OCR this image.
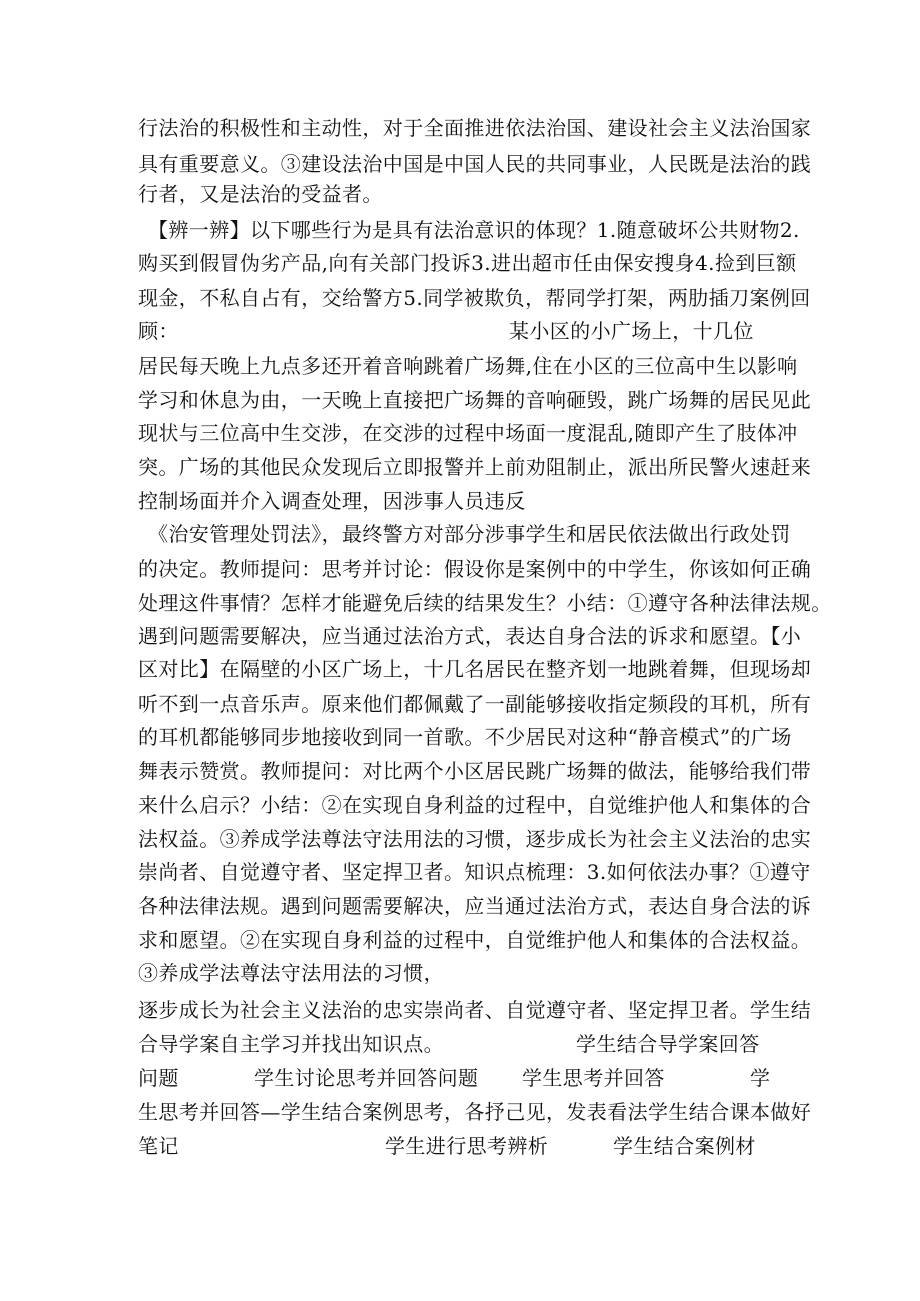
行法治的积极性和主动性，对于全面推进依法治国、建设社会主义法治国家
具有重要意义。③建设法治中国是中国人民的共同事业，人民既是法治的践
行者，又是法治的受益者。
【辨一辨】以下哪些行为是具有法治意识的体现？1.随意破坏公共财物2.
购买到假冒伪劣产品,向有关部门投诉3.进出超市任由保安搜身4.捡到巨额
现金，不私自占有，交给警方5.同学被欺负，帮同学打架，两肋插刀案例回
顾：	某小区的小广场上，十几位
居民每天晚上九点多还开着音响跳着广场舞,住在小区的三位高中生以影响
学习和休息为由，一天晚上直接把广场舞的音响砸毁，跳广场舞的居民见此
现状与三位高中生交涉，在交涉的过程中场面一度混乱,随即产生了肢体冲
突。广场的其他民众发现后立即报警并上前劝阻制止，派出所民警火速赶来
控制场面并介入调查处理，因涉事人员违反
《治安管理处罚法》，最终警方对部分涉事学生和居民依法做出行政处罚
的决定。教师提问：思考并讨论：假设你是案例中的中学生，你该如何正确
处理这件事情？怎样才能避免后续的结果发生？小结：①遵守各种法律法规。
遇到问题需要解决，应当通过法治方式，表达自身合法的诉求和愿望。【小
区对比】在隔壁的小区广场上，十几名居民在整齐划一地跳着舞，但现场却
听不到一点音乐声。原来他们都佩戴了一副能够接收指定频段的耳机，所有
的耳机都能够同步地接收到同一首歌。不少居民对这种“静音模式”的广场
舞表示赞赏。教师提问：对比两个小区居民跳广场舞的做法，能够给我们带
来什么启示？小结：②在实现自身利益的过程中，自觉维护他人和集体的合
法权益。③养成学法尊法守法用法的习惯，逐步成长为社会主义法治的忠实
崇尚者、自觉遵守者、坚定捍卫者。知识点梳理：3.如何依法办事？①遵守
各种法律法规。遇到问题需要解决，应当通过法治方式，表达自身合法的诉
求和愿望。②在实现自身利益的过程中，自觉维护他人和集体的合法权益。
③养成学法尊法守法用法的习惯，
逐步成长为社会主义法治的忠实崇尚者、自觉遵守者、坚定捍卫者。学生结
合导学案自主学习并找出知识点。	学生结合导学案回答
问题	学生讨论思考并回答问题 学生思考并回答	学
生思考并回答—学生结合案例思考，各抒己见，发表看法学生结合课本做好
笔记	学生进行思考辨析	学生结合案例材
